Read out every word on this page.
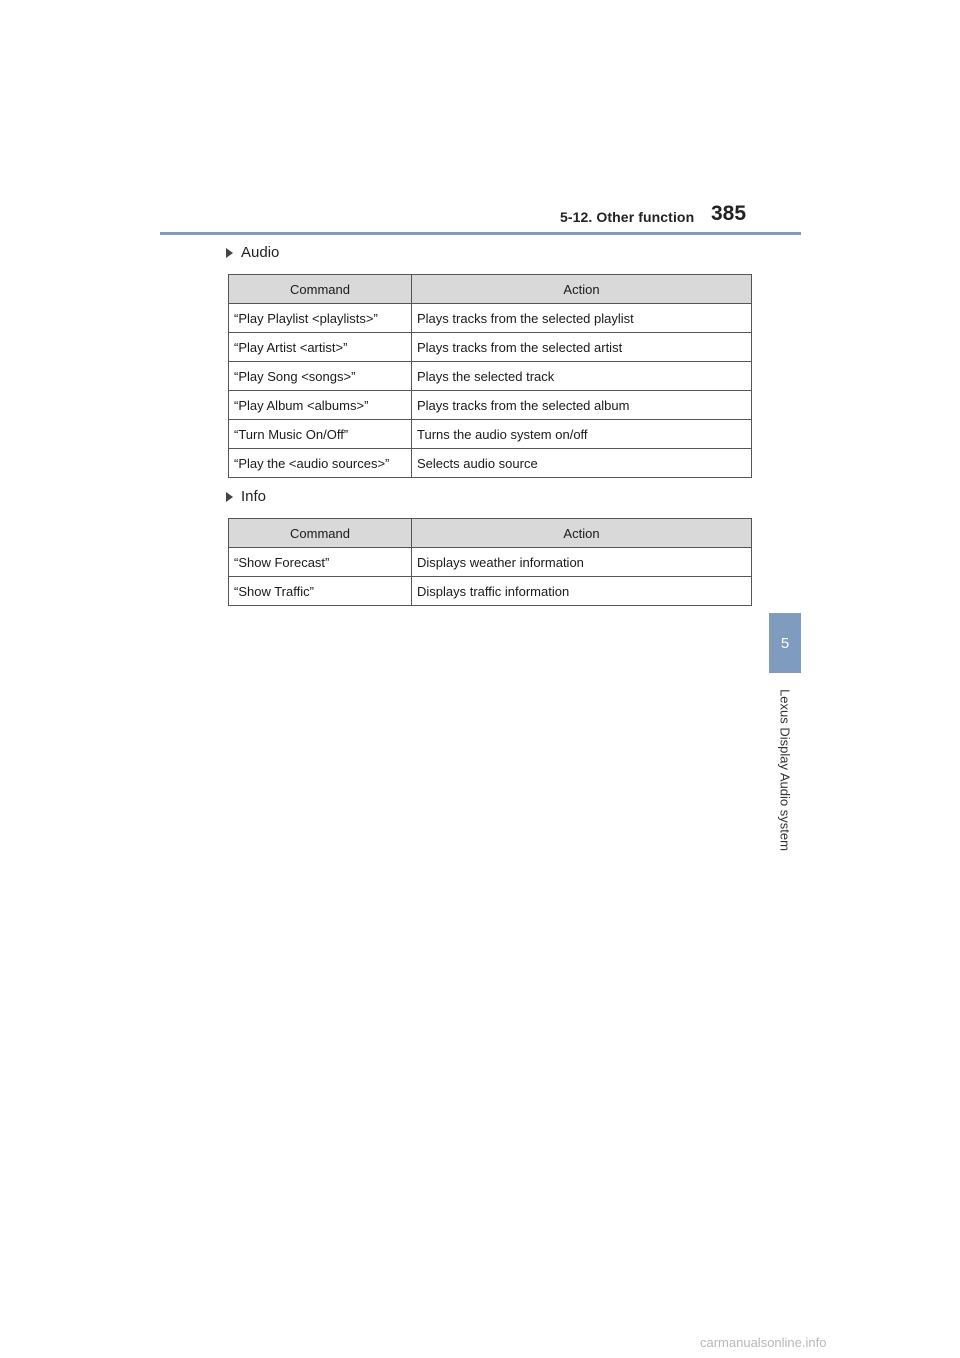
5-12. Other function 385
5
Lexus Display Audio system
Audio
Command	Action
“Play Playlist <playlists>”	Plays tracks from the selected playlist
“Play Artist <artist>”	Plays tracks from the selected artist
“Play Song <songs>”	Plays the selected track
“Play Album <albums>”	Plays tracks from the selected album
“Turn Music On/Off”	Turns the audio system on/off
“Play the <audio sources>”	Selects audio source
Info
Command	Action
“Show Forecast”	Displays weather information
“Show Traffic”	Displays traffic information
carmanualsonline.info
